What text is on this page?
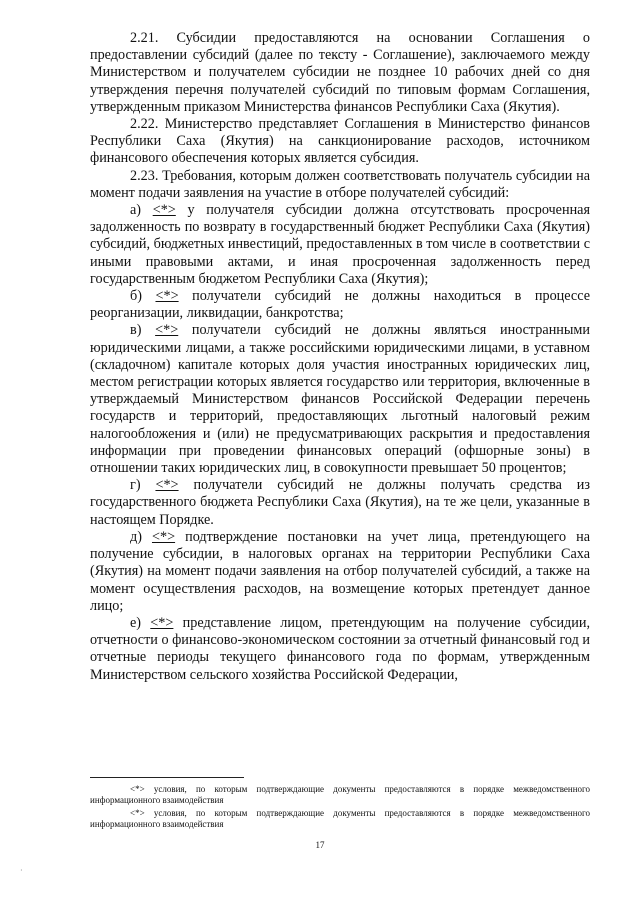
2.21. Субсидии предоставляются на основании Соглашения о предоставлении субсидий (далее по тексту - Соглашение), заключаемого между Министерством и получателем субсидии не позднее 10 рабочих дней со дня утверждения перечня получателей субсидий по типовым формам Соглашения, утвержденным приказом Министерства финансов Республики Саха (Якутия).

2.22. Министерство представляет Соглашения в Министерство финансов Республики Саха (Якутия) на санкционирование расходов, источником финансового обеспечения которых является субсидия.

2.23. Требования, которым должен соответствовать получатель субсидии на момент подачи заявления на участие в отборе получателей субсидий:

а) <*> у получателя субсидии должна отсутствовать просроченная задолженность по возврату в государственный бюджет Республики Саха (Якутия) субсидий, бюджетных инвестиций, предоставленных в том числе в соответствии с иными правовыми актами, и иная просроченная задолженность перед государственным бюджетом Республики Саха (Якутия);

б) <*> получатели субсидий не должны находиться в процессе реорганизации, ликвидации, банкротства;

в) <*> получатели субсидий не должны являться иностранными юридическими лицами, а также российскими юридическими лицами, в уставном (складочном) капитале которых доля участия иностранных юридических лиц, местом регистрации которых является государство или территория, включенные в утверждаемый Министерством финансов Российской Федерации перечень государств и территорий, предоставляющих льготный налоговый режим налогообложения и (или) не предусматривающих раскрытия и предоставления информации при проведении финансовых операций (офшорные зоны) в отношении таких юридических лиц, в совокупности превышает 50 процентов;

г) <*> получатели субсидий не должны получать средства из государственного бюджета Республики Саха (Якутия), на те же цели, указанные в настоящем Порядке.

д) <*> подтверждение постановки на учет лица, претендующего на получение субсидии, в налоговых органах на территории Республики Саха (Якутия) на момент подачи заявления на отбор получателей субсидий, а также на момент осуществления расходов, на возмещение которых претендует данное лицо;

е) <*> представление лицом, претендующим на получение субсидии, отчетности о финансово-экономическом состоянии за отчетный финансовый год и отчетные периоды текущего финансового года по формам, утвержденным Министерством сельского хозяйства Российской Федерации,

<*> условия, по которым подтверждающие документы предоставляются в порядке межведомственного информационного взаимодействия

<*> условия, по которым подтверждающие документы предоставляются в порядке межведомственного информационного взаимодействия

17
·
